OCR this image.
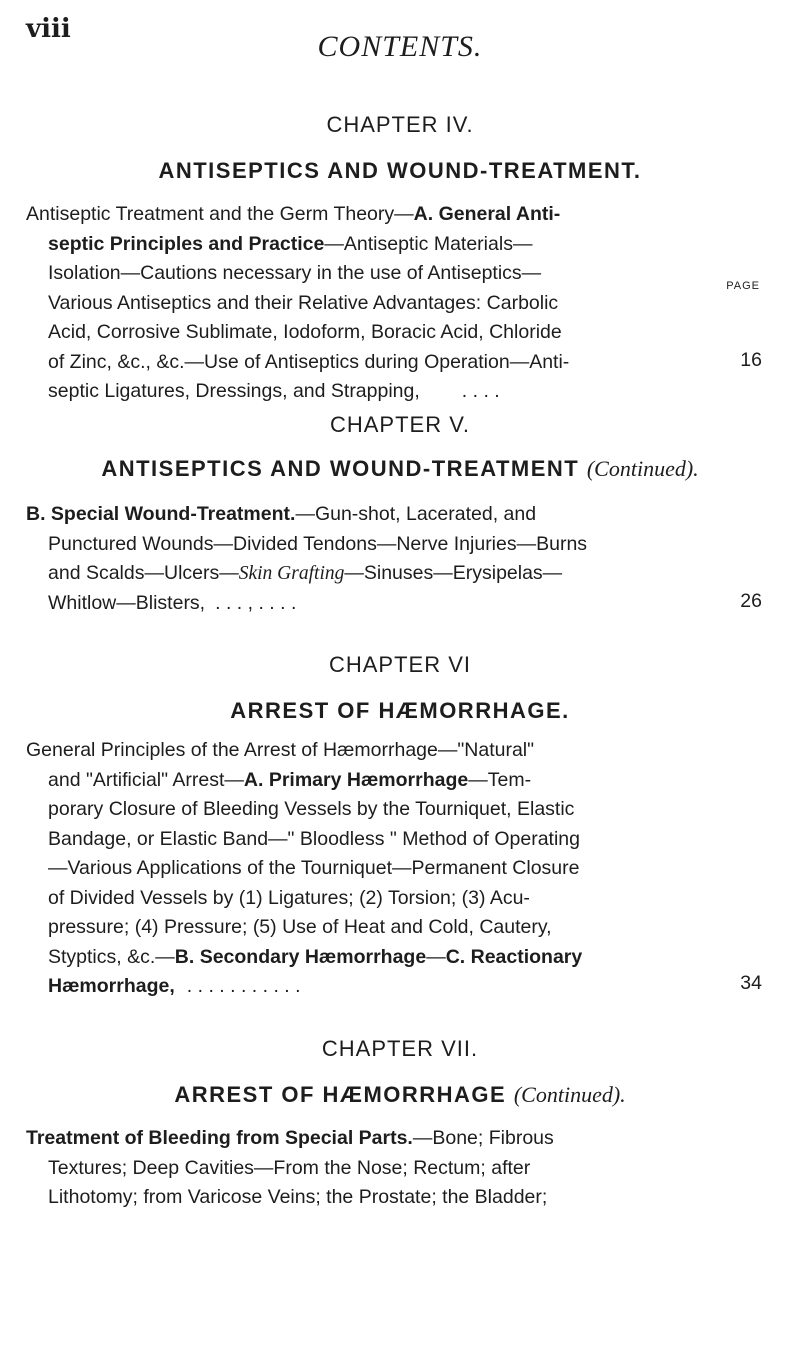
viii
CONTENTS.
CHAPTER IV.
ANTISEPTICS AND WOUND-TREATMENT.
PAGE
Antiseptic Treatment and the Germ Theory—A. General Anti-
septic Principles and Practice—Antiseptic Materials—
Isolation—Cautions necessary in the use of Antiseptics—
Various Antiseptics and their Relative Advantages: Carbolic
Acid, Corrosive Sublimate, Iodoform, Boracic Acid, Chloride
of Zinc, &c., &c.—Use of Antiseptics during Operation—Anti-
septic Ligatures, Dressings, and Strapping, . . . .
16
CHAPTER V.
ANTISEPTICS AND WOUND-TREATMENT (Continued).
B. Special Wound-Treatment.—Gun-shot, Lacerated, and
Punctured Wounds—Divided Tendons—Nerve Injuries—Burns
and Scalds—Ulcers—Skin Grafting—Sinuses—Erysipelas—
Whitlow—Blisters, . . . , . . . .	26
CHAPTER VI
ARREST OF HÆMORRHAGE.
General Principles of the Arrest of Hæmorrhage—"Natural"
and "Artificial" Arrest—A. Primary Hæmorrhage—Tem-
porary Closure of Bleeding Vessels by the Tourniquet, Elastic
Bandage, or Elastic Band—" Bloodless " Method of Operating
—Various Applications of the Tourniquet—Permanent Closure
of Divided Vessels by (1) Ligatures; (2) Torsion; (3) Acu-
pressure; (4) Pressure; (5) Use of Heat and Cold, Cautery,
Styptics, &c.—B. Secondary Hæmorrhage—C. Reactionary
Hæmorrhage, . . . . . . . . . . .	34
CHAPTER VII.
ARREST OF HÆMORRHAGE (Continued).
Treatment of Bleeding from Special Parts.—Bone; Fibrous
Textures; Deep Cavities—From the Nose; Rectum; after
Lithotomy; from Varicose Veins; the Prostate; the Bladder;
